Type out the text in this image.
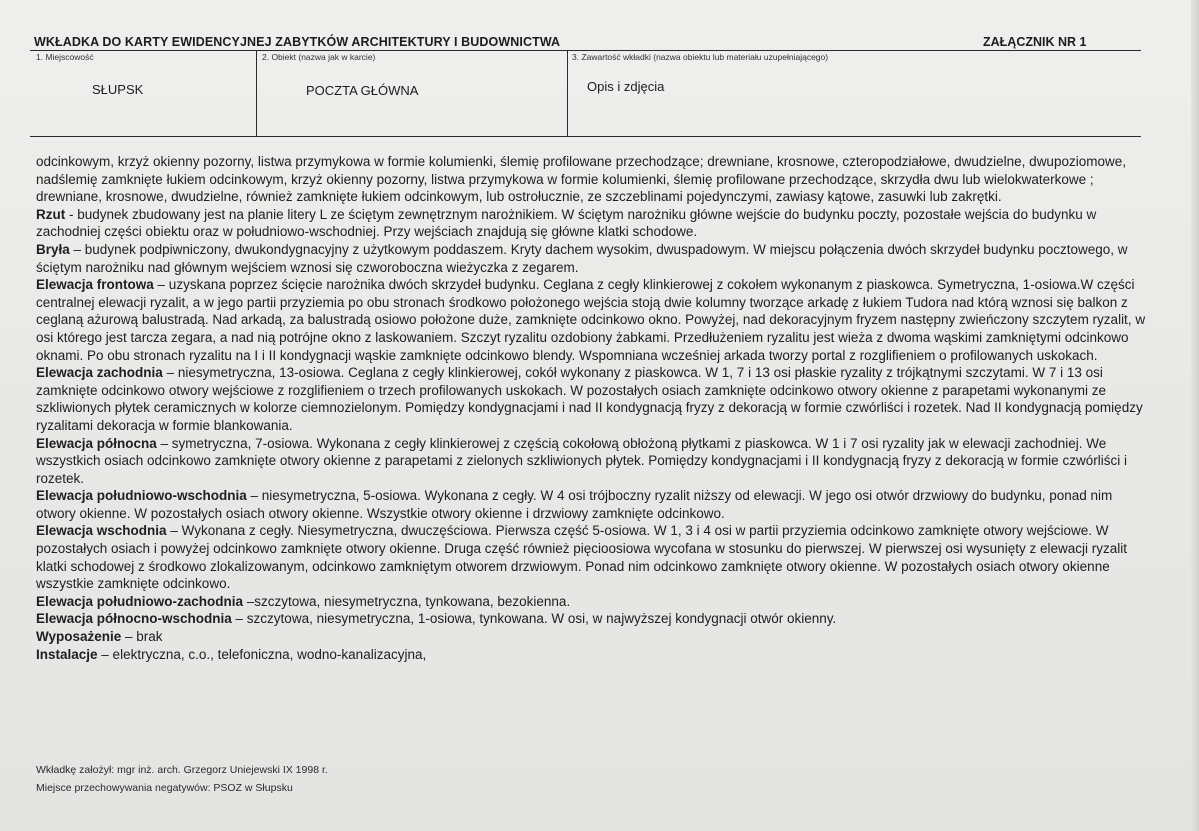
WKŁADKA DO KARTY EWIDENCYJNEJ ZABYTKÓW ARCHITEKTURY I BUDOWNICTWA	ZAŁĄCZNIK NR 1
1. Miejscowość
SŁUPSK
2. Obiekt (nazwa jak w karcie)
POCZTA GŁÓWNA
3. Zawartość wkładki (nazwa obiektu lub materiału uzupełniającego)
Opis i zdjęcia

odcinkowym, krzyż okienny pozorny, listwa przymykowa w formie kolumienki, ślemię profilowane przechodzące; drewniane, krosnowe, czteropodziałowe, dwudzielne, dwupoziomowe, nadślemię zamknięte łukiem odcinkowym, krzyż okienny pozorny, listwa przymykowa w formie kolumienki, ślemię profilowane przechodzące, skrzydła dwu lub wielokwaterkowe ; drewniane, krosnowe, dwudzielne, również zamknięte łukiem odcinkowym, lub ostrołucznie, ze szczeblinami pojedynczymi, zawiasy kątowe, zasuwki lub zakrętki.

Rzut - budynek zbudowany jest na planie litery L ze ściętym zewnętrznym narożnikiem. W ściętym narożniku główne wejście do budynku poczty, pozostałe wejścia do budynku w zachodniej części obiektu oraz w południowo-wschodniej. Przy wejściach znajdują się główne klatki schodowe.

Bryła – budynek podpiwniczony, dwukondygnacyjny z użytkowym poddaszem. Kryty dachem wysokim, dwuspadowym. W miejscu połączenia dwóch skrzydeł budynku pocztowego, w ściętym narożniku nad głównym wejściem wznosi się czworoboczna wieżyczka z zegarem.

Elewacja frontowa – uzyskana poprzez ścięcie narożnika dwóch skrzydeł budynku. Ceglana z cegły klinkierowej z cokołem wykonanym z piaskowca. Symetryczna, 1-osiowa.W części centralnej elewacji ryzalit, a w jego partii przyziemia po obu stronach środkowo położonego wejścia stoją dwie kolumny tworzące arkadę z łukiem Tudora nad którą wznosi się balkon z ceglaną ażurową balustradą. Nad arkadą, za balustradą osiowo położone duże, zamknięte odcinkowo okno. Powyżej, nad dekoracyjnym fryzem następny zwieńczony szczytem ryzalit, w osi którego jest tarcza zegara, a nad nią potrójne okno z laskowaniem. Szczyt ryzalitu ozdobiony żabkami. Przedłużeniem ryzalitu jest wieża z dwoma wąskimi zamkniętymi odcinkowo oknami. Po obu stronach ryzalitu na I i II kondygnacji wąskie zamknięte odcinkowo blendy. Wspomniana wcześniej arkada tworzy portal z rozglifieniem o profilowanych uskokach.

Elewacja zachodnia – niesymetryczna, 13-osiowa. Ceglana z cegły klinkierowej, cokół wykonany z piaskowca. W 1, 7 i 13 osi płaskie ryzality z trójkątnymi szczytami. W 7 i 13 osi zamknięte odcinkowo otwory wejściowe z rozglifieniem o trzech profilowanych uskokach. W pozostałych osiach zamknięte odcinkowo otwory okienne z parapetami wykonanymi ze szkliwionych płytek ceramicznych w kolorze ciemnozielonym. Pomiędzy kondygnacjami i nad II kondygnacją fryzy z dekoracją w formie czwórliści i rozetek. Nad II kondygnacją pomiędzy ryzalitami dekoracja w formie blankowania.

Elewacja północna – symetryczna, 7-osiowa. Wykonana z cegły klinkierowej z częścią cokołową obłożoną płytkami z piaskowca. W 1 i 7 osi ryzality jak w elewacji zachodniej. We wszystkich osiach odcinkowo zamknięte otwory okienne z parapetami z zielonych szkliwionych płytek. Pomiędzy kondygnacjami i II kondygnacją fryzy z dekoracją w formie czwórliści i rozetek.

Elewacja południowo-wschodnia – niesymetryczna, 5-osiowa. Wykonana z cegły. W 4 osi trójboczny ryzalit niższy od elewacji. W jego osi otwór drzwiowy do budynku, ponad nim otwory okienne. W pozostałych osiach otwory okienne. Wszystkie otwory okienne i drzwiowy zamknięte odcinkowo.

Elewacja wschodnia – Wykonana z cegły. Niesymetryczna, dwuczęściowa. Pierwsza część 5-osiowa. W 1, 3 i 4 osi w partii przyziemia odcinkowo zamknięte otwory wejściowe. W pozostałych osiach i powyżej odcinkowo zamknięte otwory okienne. Druga część również pięcioosiowa wycofana w stosunku do pierwszej. W pierwszej osi wysunięty z elewacji ryzalit klatki schodowej z środkowo zlokalizowanym, odcinkowo zamkniętym otworem drzwiowym. Ponad nim odcinkowo zamknięte otwory okienne. W pozostałych osiach otwory okienne wszystkie zamknięte odcinkowo.

Elewacja południowo-zachodnia –szczytowa, niesymetryczna, tynkowana, bezokienna.

Elewacja północno-wschodnia – szczytowa, niesymetryczna, 1-osiowa, tynkowana. W osi, w najwyższej kondygnacji otwór okienny.

Wyposażenie – brak

Instalacje – elektryczna, c.o., telefoniczna, wodno-kanalizacyjna,

Wkładkę założył: mgr inż. arch. Grzegorz Uniejewski IX 1998 r.
Miejsce przechowywania negatywów: PSOZ w Słupsku
